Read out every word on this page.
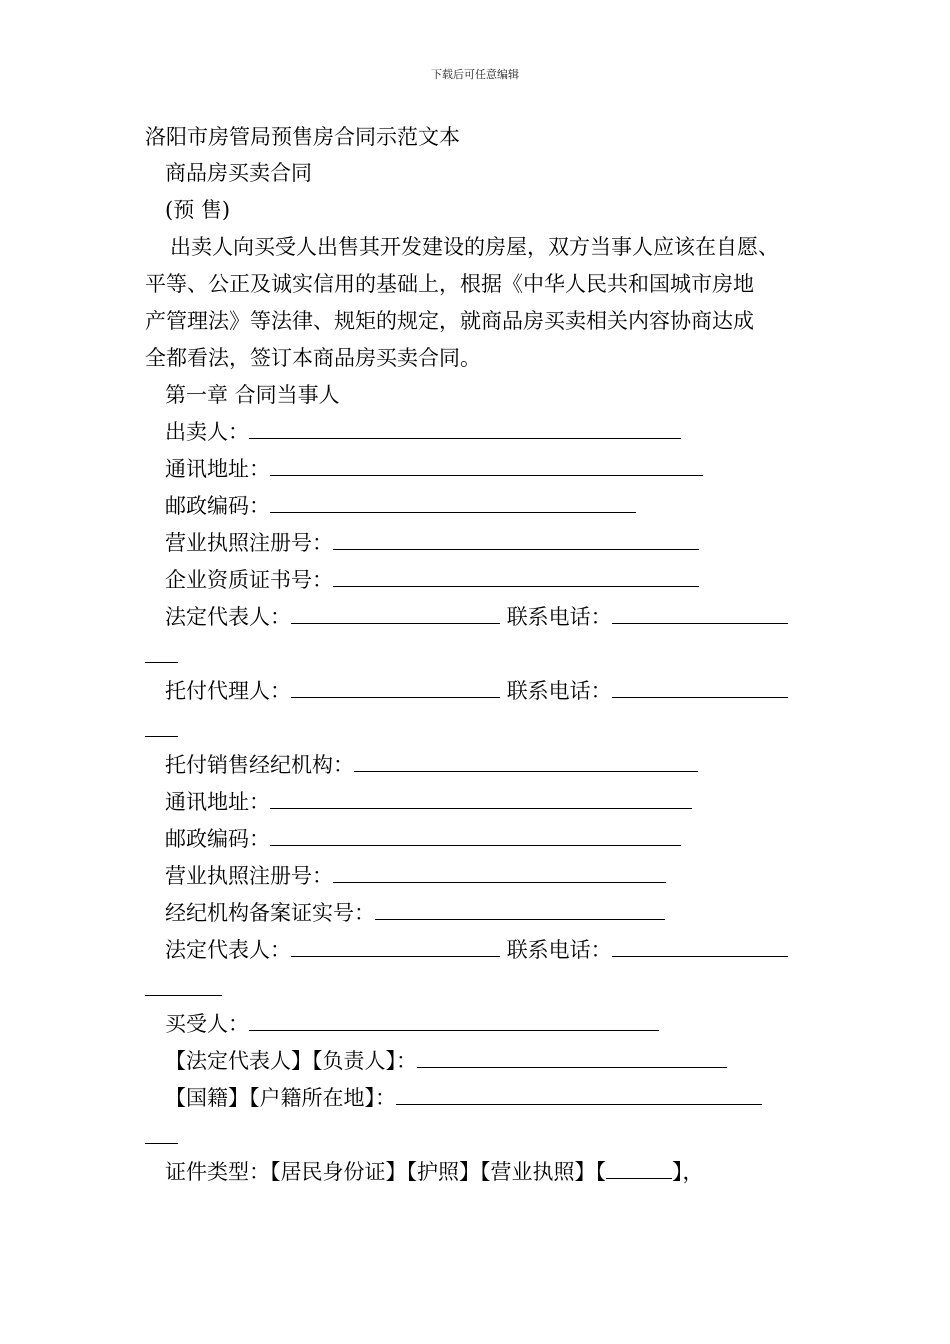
下载后可任意编辑
洛阳市房管局预售房合同示范文本
商品房买卖合同
(预 售)
出卖人向买受人出售其开发建设的房屋，双方当事人应该在自愿、
平等、公正及诚实信用的基础上，根据《中华人民共和国城市房地
产管理法》等法律、规矩的规定，就商品房买卖相关内容协商达成
全都看法，签订本商品房买卖合同。
第一章 合同当事人
出卖人：
通讯地址：
邮政编码：
营业执照注册号：
企业资质证书号：
法定代表人：	联系电话：
托付代理人：	联系电话：
托付销售经纪机构：
通讯地址：
邮政编码：
营业执照注册号：
经纪机构备案证实号：
法定代表人：	联系电话：
买受人：
【法定代表人】【负责人】：
【国籍】【户籍所在地】：
证件类型：【居民身份证】【护照】【营业执照】【	】，
